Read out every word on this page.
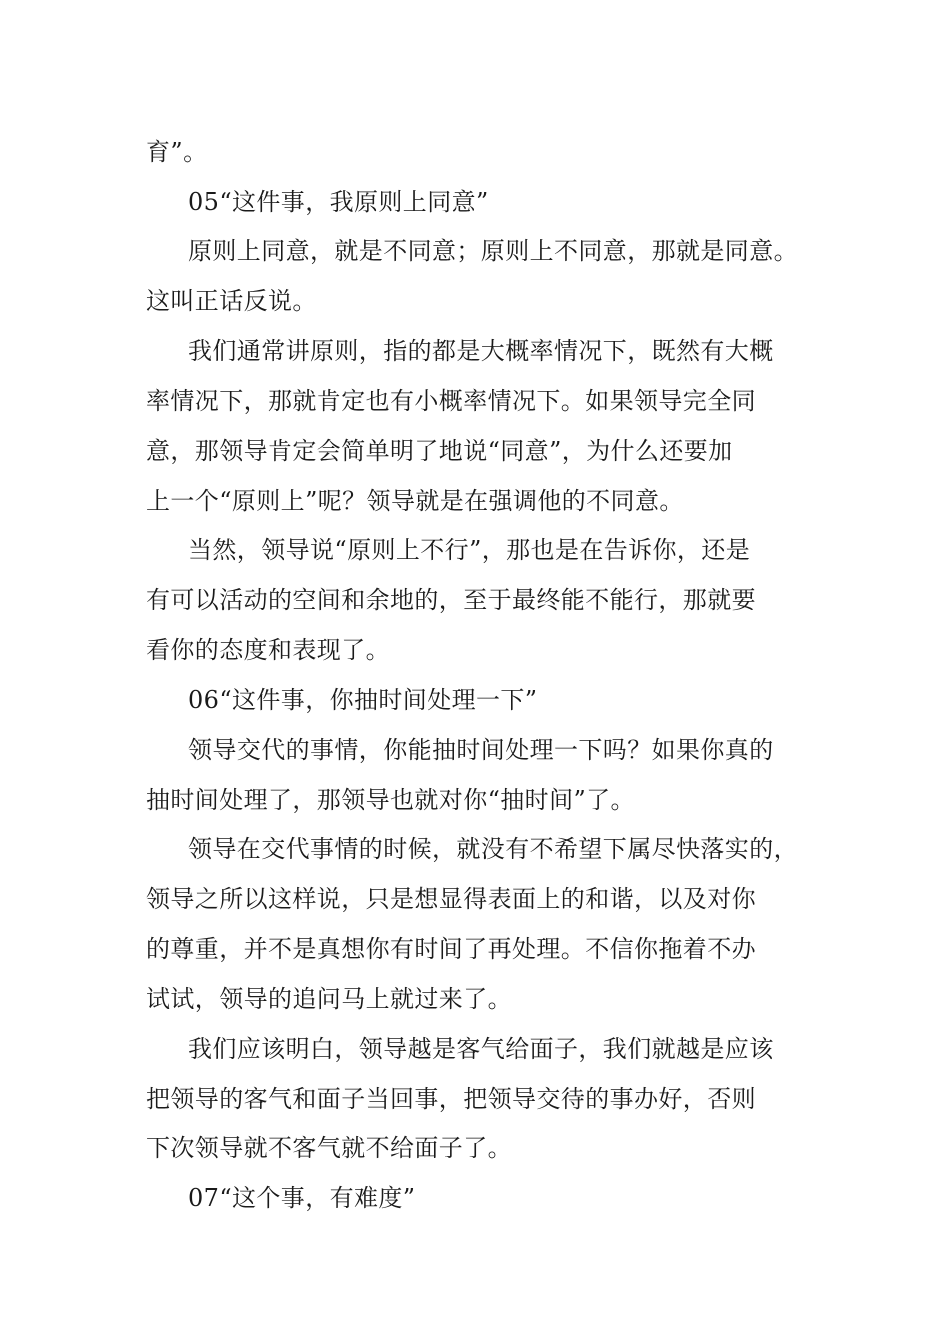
育”。
05“这件事，我原则上同意”
原则上同意，就是不同意；原则上不同意，那就是同意。
这叫正话反说。
我们通常讲原则，指的都是大概率情况下，既然有大概
率情况下，那就肯定也有小概率情况下。如果领导完全同
意，那领导肯定会简单明了地说“同意”，为什么还要加
上一个“原则上”呢？领导就是在强调他的不同意。
当然，领导说“原则上不行”，那也是在告诉你，还是
有可以活动的空间和余地的，至于最终能不能行，那就要
看你的态度和表现了。
06“这件事，你抽时间处理一下”
领导交代的事情，你能抽时间处理一下吗？如果你真的
抽时间处理了，那领导也就对你“抽时间”了。
领导在交代事情的时候，就没有不希望下属尽快落实的，
领导之所以这样说，只是想显得表面上的和谐，以及对你
的尊重，并不是真想你有时间了再处理。不信你拖着不办
试试，领导的追问马上就过来了。
我们应该明白，领导越是客气给面子，我们就越是应该
把领导的客气和面子当回事，把领导交待的事办好，否则
下次领导就不客气就不给面子了。
07“这个事，有难度”
